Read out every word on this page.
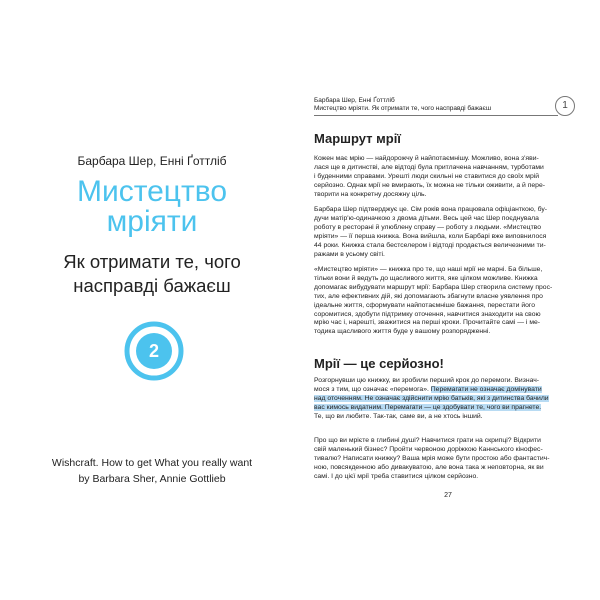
Барбара Шер, Енні Ґоттліб
Мистецтво
мріяти
Як отримати те, чого
насправді бажаєш
2
Wishcraft. How to get What you really want
by Barbara Sher, Annie Gottlieb
Барбара Шер, Енні Ґоттліб
Мистецтво мріяти. Як отримати те, чого насправді бажаєш	1
Маршрут мрії
Кожен має мрію — найдорожчу й найпотаємнішу. Можливо, вона з'яви-
лася ще в дитинстві, але відтоді була притлачена навчанням, турботами
і буденними справами. Урешті люди скильні не ставитися до своїх мрій
серйозно. Однак мрії не вмирають, їх можна не тільки оживити, а й пере-
творити на конкретну досяжну ціль.
Барбара Шер підтверджує це. Сім років вона працювала офіціанткою, бу-
дучи матір'ю-одиначкою з двома дітьми. Весь цей час Шер поєднувала
роботу в ресторані й улюблену справу — роботу з людьми. «Мистецтво
мріяти» — її перша книжка. Вона вийшла, коли Барбарі вже виповнилося
44 роки. Книжка стала бестселером і відтоді продається величезними ти-
ражами в усьому світі.
«Мистецтво мріяти» — книжка про те, що наші мрії не марні. Ба більше,
тільки вони й ведуть до щасливого життя, яке цілком можливе. Книжка
допомагає вибудувати маршрут мрії: Барбара Шер створила систему прос-
тих, але ефективних дій, які допомагають збагнути власне уявлення про
ідеальне життя, сформувати найпотаємніше бажання, перестати його
соромитися, здобути підтримку оточення, навчитися знаходити на свою
мрію час і, нарешті, зважитися на перші кроки. Прочитайте самі — і ме-
тодика щасливого життя буде у вашому розпорядженні.
Мрії — це серйозно!
Розгорнувши цю книжку, ви зробили перший крок до перемоги. Визнач-
мося з тим, що означає «перемога». Перемагати не означає домінувати
над оточенням. Не означає здійснити мрію батьків, які з дитинства бачили
вас кимось видатним. Перемагати — це здобувати те, чого ви прагнете.
Те, що ви любите. Так-так, саме ви, а не хтось інший.
Про що ви мрієте в глибині душі? Навчитися грати на скрипці? Відкрити
свій маленький бізнес? Пройти червоною доріжкою Каннського кінофес-
тивалю? Написати книжку? Ваша мрія може бути простою або фантастич-
ною, повсякденною або дивакуватою, але вона така ж неповторна, як ви
самі. І до цієї мрії треба ставитися цілком серйозно.
27
